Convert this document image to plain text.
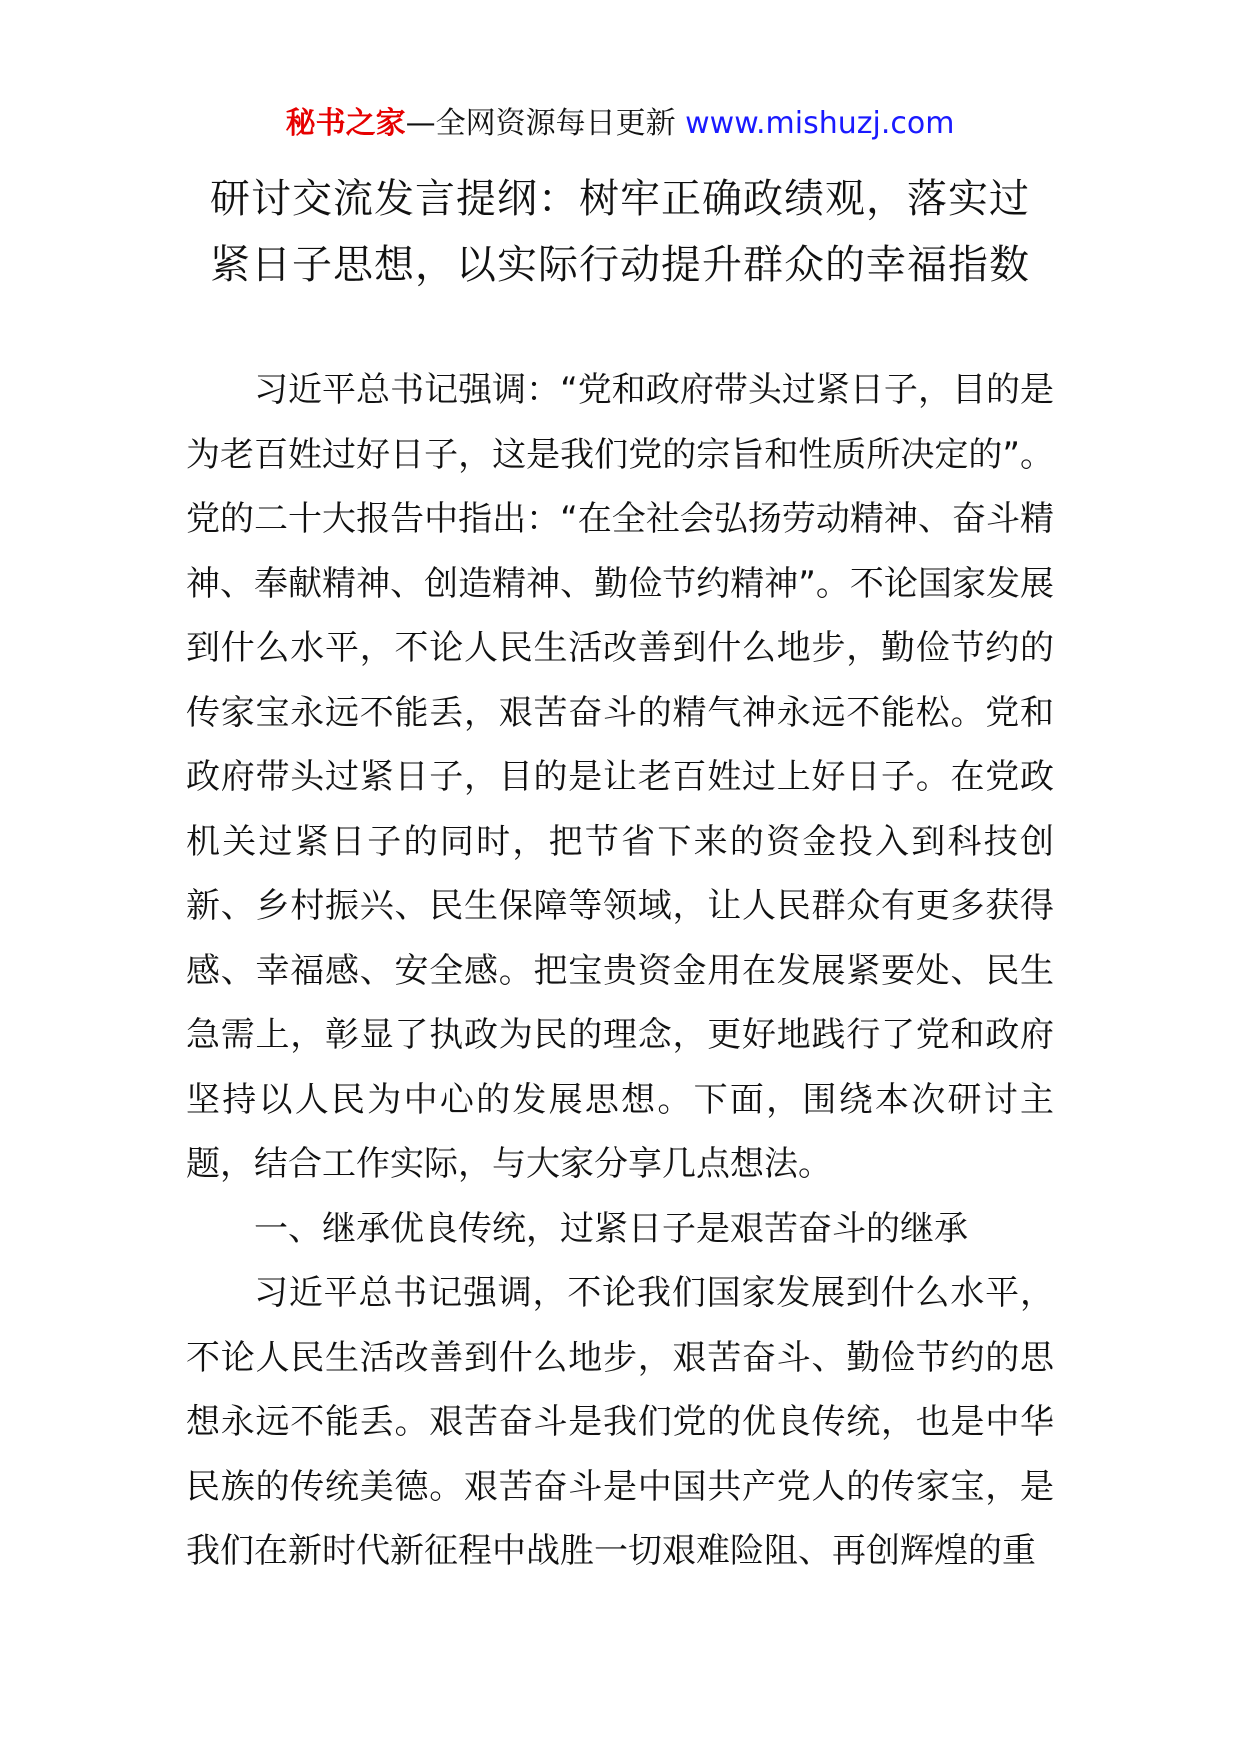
秘书之家—全网资源每日更新 www.mishuzj.com
研讨交流发言提纲：树牢正确政绩观，落实过
紧日子思想，以实际行动提升群众的幸福指数

习近平总书记强调：“党和政府带头过紧日子，目的是为老百姓过好日子，这是我们党的宗旨和性质所决定的”。党的二十大报告中指出：“在全社会弘扬劳动精神、奋斗精神、奉献精神、创造精神、勤俭节约精神”。不论国家发展到什么水平，不论人民生活改善到什么地步，勤俭节约的传家宝永远不能丢，艰苦奋斗的精气神永远不能松。党和政府带头过紧日子，目的是让老百姓过上好日子。在党政机关过紧日子的同时，把节省下来的资金投入到科技创新、乡村振兴、民生保障等领域，让人民群众有更多获得感、幸福感、安全感。把宝贵资金用在发展紧要处、民生急需上，彰显了执政为民的理念，更好地践行了党和政府坚持以人民为中心的发展思想。下面，围绕本次研讨主题，结合工作实际，与大家分享几点想法。

一、继承优良传统，过紧日子是艰苦奋斗的继承

习近平总书记强调，不论我们国家发展到什么水平，不论人民生活改善到什么地步，艰苦奋斗、勤俭节约的思想永远不能丢。艰苦奋斗是我们党的优良传统，也是中华民族的传统美德。艰苦奋斗是中国共产党人的传家宝，是我们在新时代新征程中战胜一切艰难险阻、再创辉煌的重
